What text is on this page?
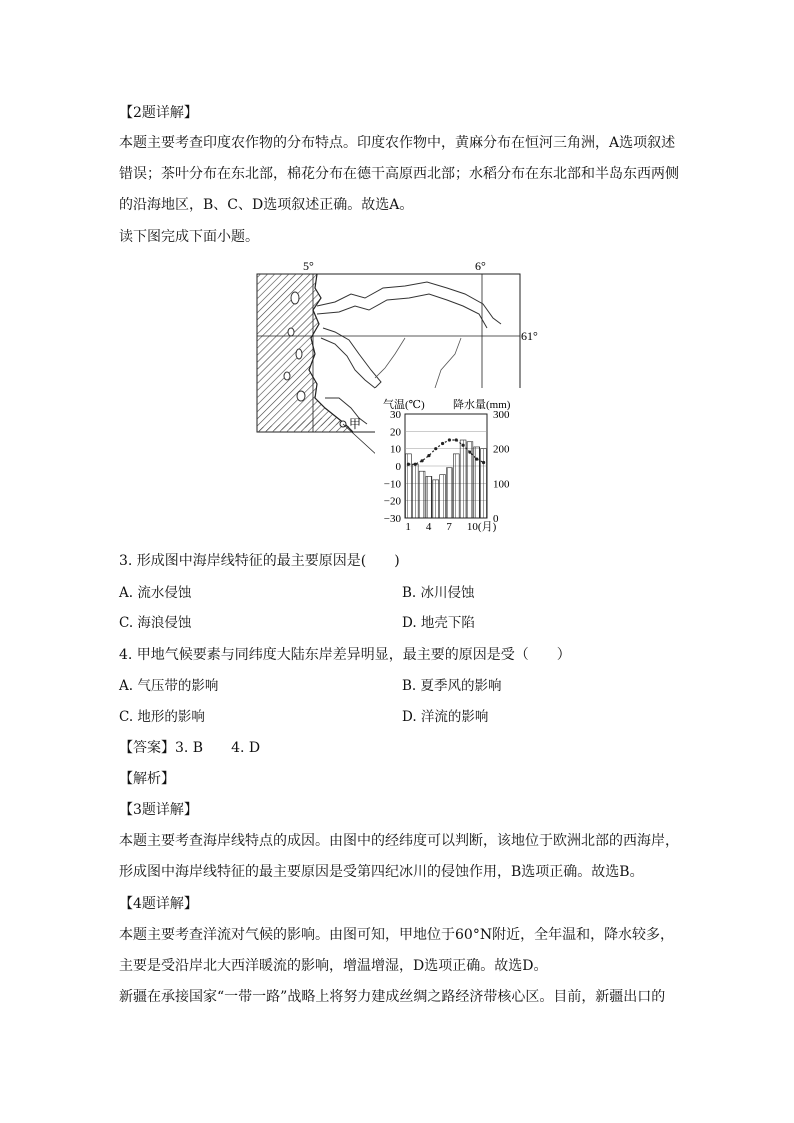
【2题详解】
本题主要考查印度农作物的分布特点。印度农作物中，黄麻分布在恒河三角洲，A选项叙述
错误；茶叶分布在东北部，棉花分布在德干高原西北部；水稻分布在东北部和半岛东西两侧
的沿海地区，B、C、D选项叙述正确。故选A。
读下图完成下面小题。
5°	6°
61°
甲
气温(℃)	降水量(mm)
30
20
10
0
−10
−20
−30
300
200
100
0
1 4 7 10(月)
3. 形成图中海岸线特征的最主要原因是(　　)
A. 流水侵蚀	B. 冰川侵蚀
C. 海浪侵蚀	D. 地壳下陷
4. 甲地气候要素与同纬度大陆东岸差异明显，最主要的原因是受（　　）
A. 气压带的影响	B. 夏季风的影响
C. 地形的影响	D. 洋流的影响
【答案】3. B　　4. D
【解析】
【3题详解】
本题主要考查海岸线特点的成因。由图中的经纬度可以判断，该地位于欧洲北部的西海岸，
形成图中海岸线特征的最主要原因是受第四纪冰川的侵蚀作用，B选项正确。故选B。
【4题详解】
本题主要考查洋流对气候的影响。由图可知，甲地位于60°N附近，全年温和，降水较多，
主要是受沿岸北大西洋暖流的影响，增温增湿，D选项正确。故选D。
新疆在承接国家“一带一路”战略上将努力建成丝绸之路经济带核心区。目前，新疆出口的
